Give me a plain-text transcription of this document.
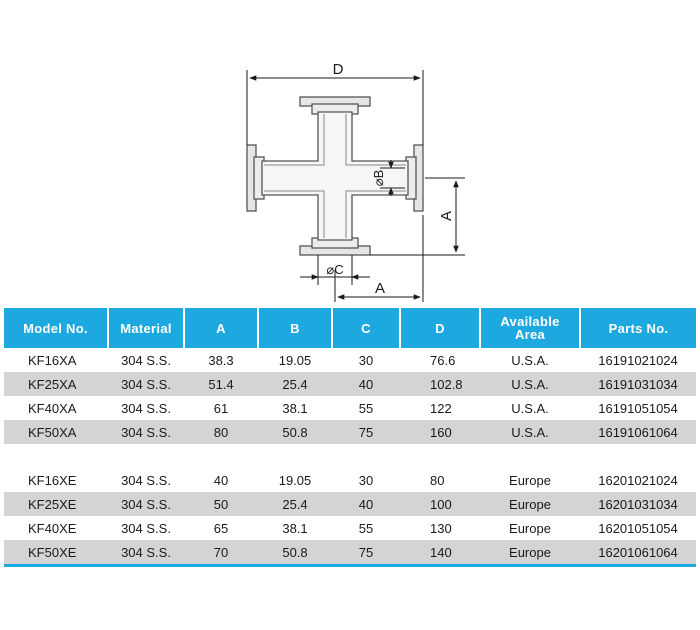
D
⌀B
A
⌀C
A
Model No.	Material	A	B	C	D	Available Area	Parts No.
KF16XA	304 S.S.	38.3	19.05	30	76.6	U.S.A.	16191021024
KF25XA	304 S.S.	51.4	25.4	40	102.8	U.S.A.	16191031034
KF40XA	304 S.S.	61	38.1	55	122	U.S.A.	16191051054
KF50XA	304 S.S.	80	50.8	75	160	U.S.A.	16191061064

KF16XE	304 S.S.	40	19.05	30	80	Europe	16201021024
KF25XE	304 S.S.	50	25.4	40	100	Europe	16201031034
KF40XE	304 S.S.	65	38.1	55	130	Europe	16201051054
KF50XE	304 S.S.	70	50.8	75	140	Europe	16201061064
